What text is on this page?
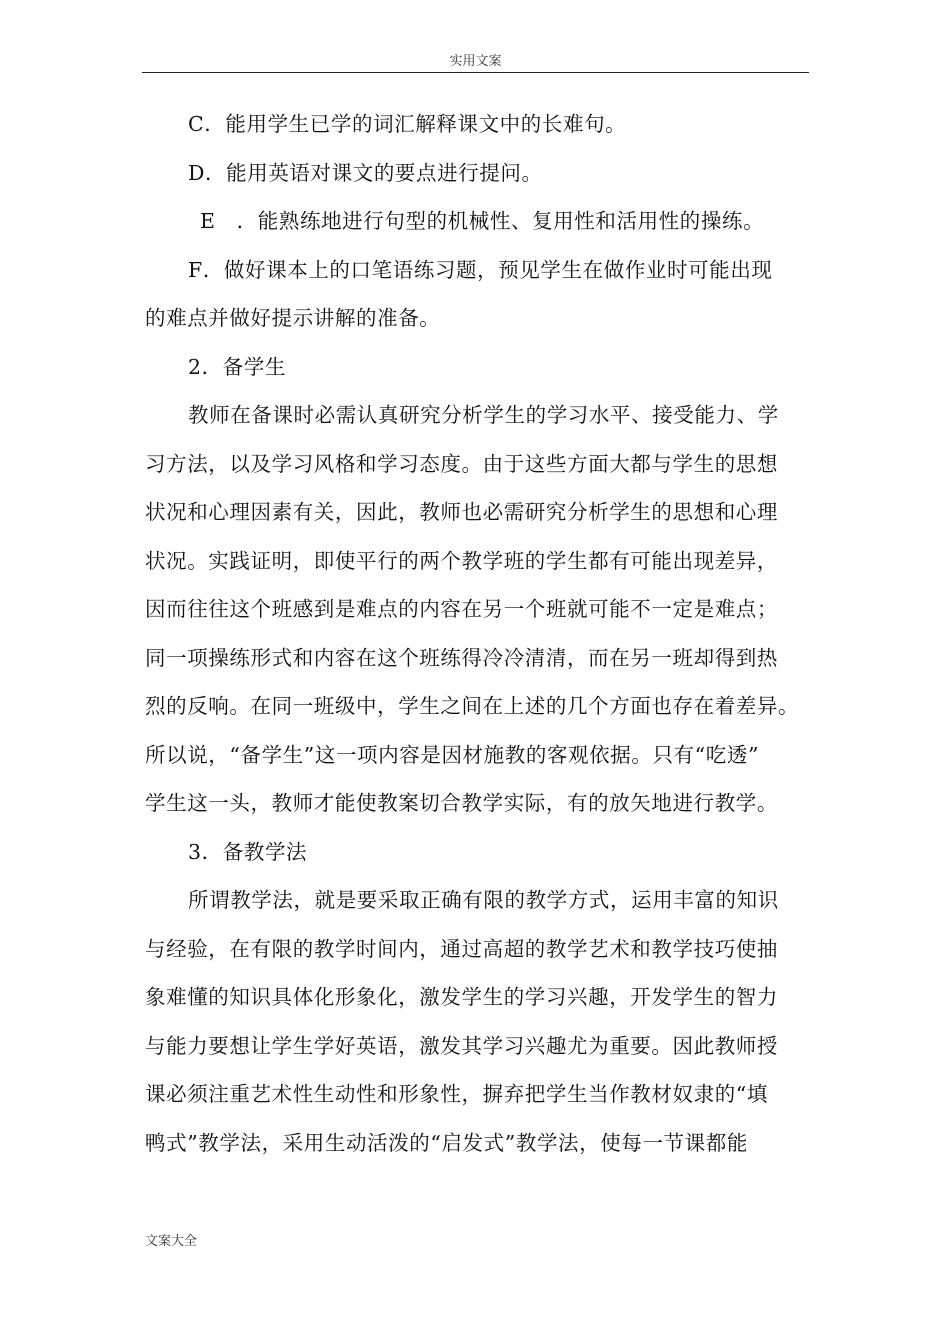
实用文案
C．能用学生已学的词汇解释课文中的长难句。
D．能用英语对课文的要点进行提问。
E　．能熟练地进行句型的机械性、复用性和活用性的操练。
F．做好课本上的口笔语练习题，预见学生在做作业时可能出现
的难点并做好提示讲解的准备。
2．备学生
教师在备课时必需认真研究分析学生的学习水平、接受能力、学
习方法，以及学习风格和学习态度。由于这些方面大都与学生的思想
状况和心理因素有关，因此，教师也必需研究分析学生的思想和心理
状况。实践证明，即使平行的两个教学班的学生都有可能出现差异，
因而往往这个班感到是难点的内容在另一个班就可能不一定是难点；
同一项操练形式和内容在这个班练得冷冷清清，而在另一班却得到热
烈的反响。在同一班级中，学生之间在上述的几个方面也存在着差异。
所以说，“备学生”这一项内容是因材施教的客观依据。只有“吃透”
学生这一头，教师才能使教案切合教学实际，有的放矢地进行教学。
3．备教学法
所谓教学法，就是要采取正确有限的教学方式，运用丰富的知识
与经验，在有限的教学时间内，通过高超的教学艺术和教学技巧使抽
象难懂的知识具体化形象化，激发学生的学习兴趣，开发学生的智力
与能力要想让学生学好英语，激发其学习兴趣尤为重要。因此教师授
课必须注重艺术性生动性和形象性，摒弃把学生当作教材奴隶的“填
鸭式”教学法，采用生动活泼的“启发式”教学法，使每一节课都能
文案大全
